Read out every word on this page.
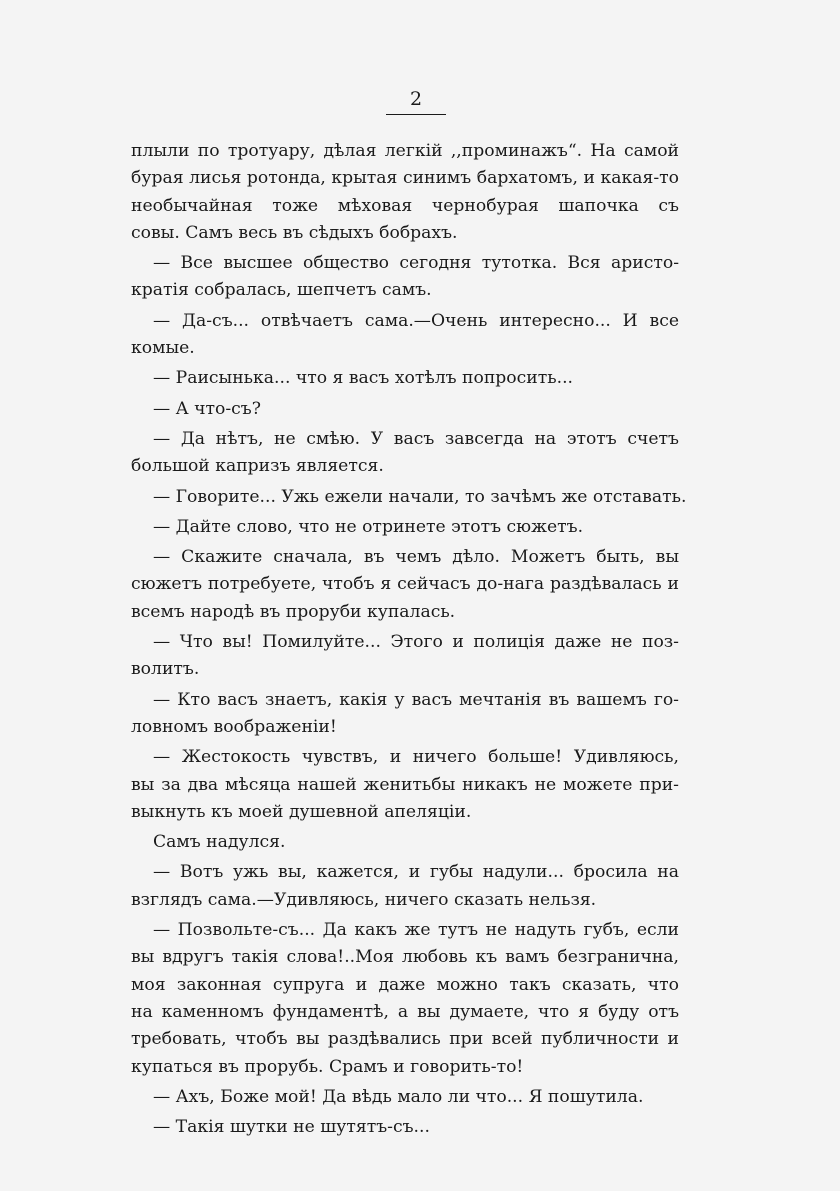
2
плыли по тротуару, дѣлая легкій ,,проминажъ“. На самой
бурая лисья ротонда, крытая синимъ бархатомъ, и какая-то
необычайная тоже мѣховая чернобурая шапочка съ
совы. Самъ весь въ сѣдыхъ бобрахъ.
— Все высшее общество сегодня тутотка. Вся аристо-
кратія собралась, шепчетъ самъ.
— Да-съ... отвѣчаетъ сама.—Очень интересно... И все
комые.
— Раисынька... что я васъ хотѣлъ попросить...
— А что-съ?
— Да нѣтъ, не смѣю. У васъ завсегда на этотъ счетъ
большой капризъ является.
— Говорите... Ужь ежели начали, то зачѣмъ же отставать.
— Дайте слово, что не отринете этотъ сюжетъ.
— Скажите сначала, въ чемъ дѣло. Можетъ быть, вы
сюжетъ потребуете, чтобъ я сейчасъ до-нага раздѣвалась и
всемъ народѣ въ проруби купалась.
— Что вы! Помилуйте... Этого и полиція даже не поз-
волитъ.
— Кто васъ знаетъ, какія у васъ мечтанія въ вашемъ го-
ловномъ воображеніи!
— Жестокость чувствъ, и ничего больше! Удивляюсь,
вы за два мѣсяца нашей женитьбы никакъ не можете при-
выкнуть къ моей душевной апеляціи.
Самъ надулся.
— Вотъ ужь вы, кажется, и губы надули... бросила на
взглядъ сама.—Удивляюсь, ничего сказать нельзя.
— Позвольте-съ... Да какъ же тутъ не надуть губъ, если
вы вдругъ такія слова!..Моя любовь къ вамъ безгранична,
моя законная супруга и даже можно такъ сказать, что
на каменномъ фундаментѣ, а вы думаете, что я буду отъ
требовать, чтобъ вы раздѣвались при всей публичности и
купаться въ прорубь. Срамъ и говорить-то!
— Ахъ, Боже мой! Да вѣдь мало ли что... Я пошутила.
— Такія шутки не шутятъ-съ...
